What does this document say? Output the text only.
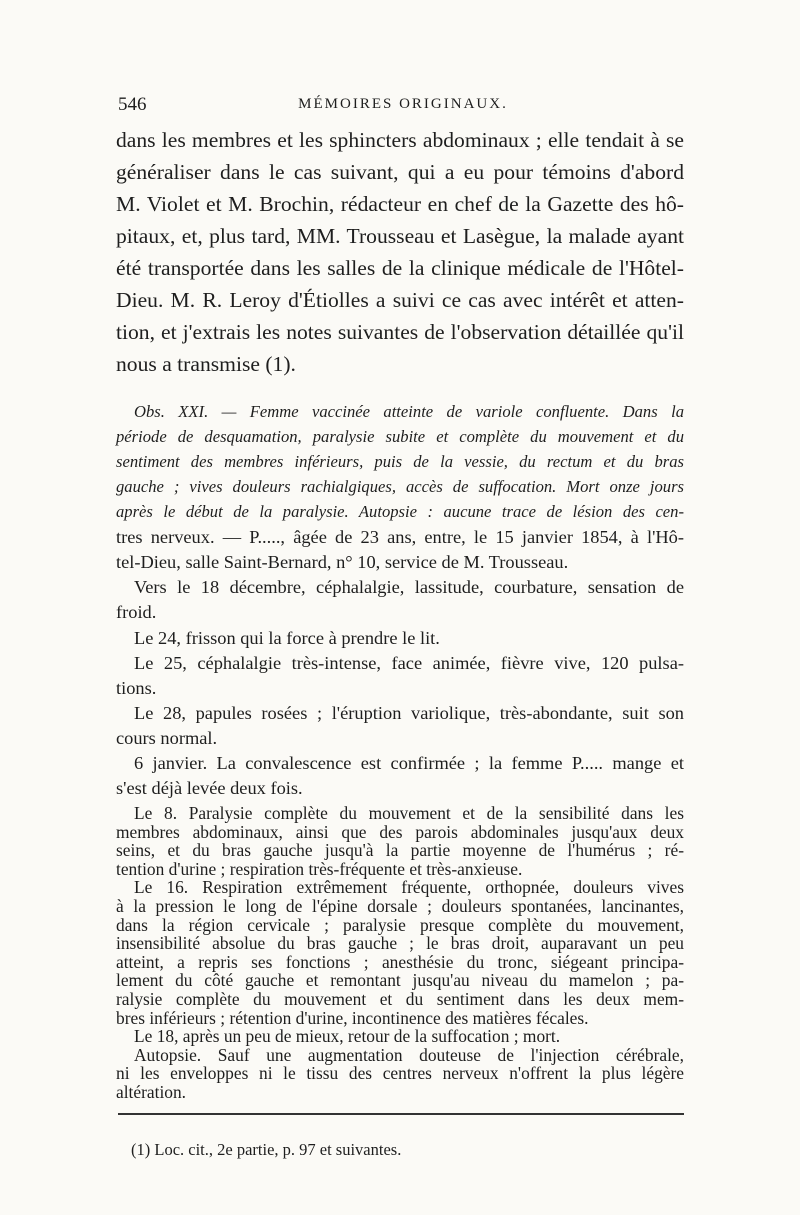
546	MÉMOIRES ORIGINAUX.
dans les membres et les sphincters abdominaux ; elle tendait à se
généraliser dans le cas suivant, qui a eu pour témoins d'abord
M. Violet et M. Brochin, rédacteur en chef de la Gazette des hô-
pitaux, et, plus tard, MM. Trousseau et Lasègue, la malade ayant
été transportée dans les salles de la clinique médicale de l'Hôtel-
Dieu. M. R. Leroy d'Étiolles a suivi ce cas avec intérêt et atten-
tion, et j'extrais les notes suivantes de l'observation détaillée qu'il
nous a transmise (1).
Obs. XXI. — Femme vaccinée atteinte de variole confluente. Dans la
période de desquamation, paralysie subite et complète du mouvement et du
sentiment des membres inférieurs, puis de la vessie, du rectum et du bras
gauche ; vives douleurs rachialgiques, accès de suffocation. Mort onze jours
après le début de la paralysie. Autopsie : aucune trace de lésion des cen-
tres nerveux. — P....., âgée de 23 ans, entre, le 15 janvier 1854, à l'Hô-
tel-Dieu, salle Saint-Bernard, n° 10, service de M. Trousseau.
Vers le 18 décembre, céphalalgie, lassitude, courbature, sensation de
froid.
Le 24, frisson qui la force à prendre le lit.
Le 25, céphalalgie très-intense, face animée, fièvre vive, 120 pulsa-
tions.
Le 28, papules rosées ; l'éruption variolique, très-abondante, suit son
cours normal.
6 janvier. La convalescence est confirmée ; la femme P..... mange et
s'est déjà levée deux fois.
Le 8. Paralysie complète du mouvement et de la sensibilité dans les
membres abdominaux, ainsi que des parois abdominales jusqu'aux deux
seins, et du bras gauche jusqu'à la partie moyenne de l'humérus ; ré-
tention d'urine ; respiration très-fréquente et très-anxieuse.
Le 16. Respiration extrêmement fréquente, orthopnée, douleurs vives
à la pression le long de l'épine dorsale ; douleurs spontanées, lancinantes,
dans la région cervicale ; paralysie presque complète du mouvement,
insensibilité absolue du bras gauche ; le bras droit, auparavant un peu
atteint, a repris ses fonctions ; anesthésie du tronc, siégeant principa-
lement du côté gauche et remontant jusqu'au niveau du mamelon ; pa-
ralysie complète du mouvement et du sentiment dans les deux mem-
bres inférieurs ; rétention d'urine, incontinence des matières fécales.
(1) Loc. cit., 2e partie, p. 97 et suivantes.
Le 18, après un peu de mieux, retour de la suffocation ; mort.
Autopsie. Sauf une augmentation douteuse de l'injection cérébrale,
ni les enveloppes ni le tissu des centres nerveux n'offrent la plus légère
altération.
